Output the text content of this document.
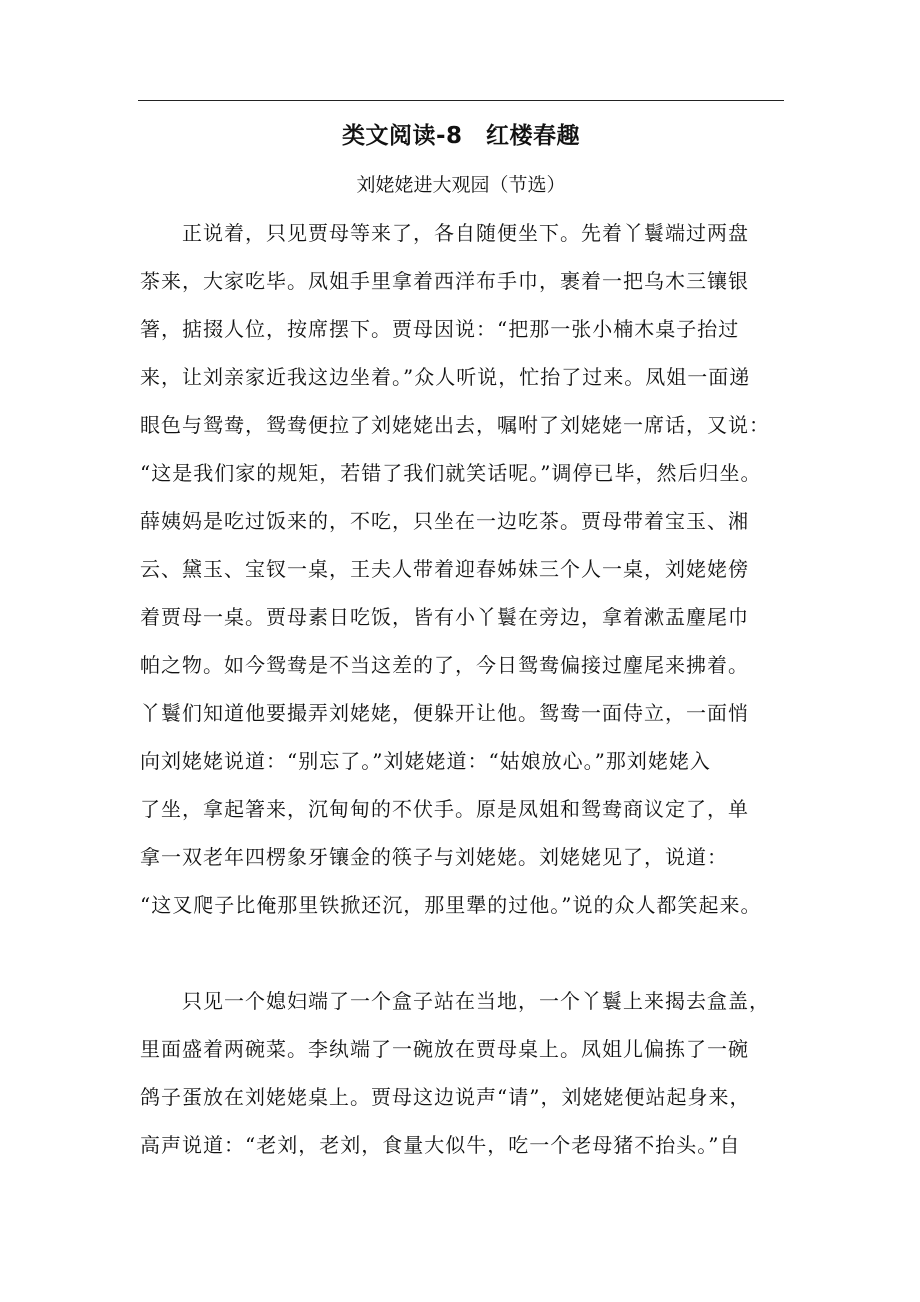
类文阅读-8　红楼春趣
刘姥姥进大观园（节选）
正说着，只见贾母等来了，各自随便坐下。先着丫鬟端过两盘
茶来，大家吃毕。凤姐手里拿着西洋布手巾，裹着一把乌木三镶银
箸，掂掇人位，按席摆下。贾母因说：“把那一张小楠木桌子抬过
来，让刘亲家近我这边坐着。”众人听说，忙抬了过来。凤姐一面递
眼色与鸳鸯，鸳鸯便拉了刘姥姥出去，嘱咐了刘姥姥一席话，又说：
“这是我们家的规矩，若错了我们就笑话呢。”调停已毕，然后归坐。
薛姨妈是吃过饭来的，不吃，只坐在一边吃茶。贾母带着宝玉、湘
云、黛玉、宝钗一桌，王夫人带着迎春姊妹三个人一桌，刘姥姥傍
着贾母一桌。贾母素日吃饭，皆有小丫鬟在旁边，拿着漱盂麈尾巾
帕之物。如今鸳鸯是不当这差的了，今日鸳鸯偏接过麈尾来拂着。
丫鬟们知道他要撮弄刘姥姥，便躲开让他。鸳鸯一面侍立，一面悄
向刘姥姥说道：“别忘了。”刘姥姥道：“姑娘放心。”那刘姥姥入
了坐，拿起箸来，沉甸甸的不伏手。原是凤姐和鸳鸯商议定了，单
拿一双老年四楞象牙镶金的筷子与刘姥姥。刘姥姥见了，说道：
“这叉爬子比俺那里铁掀还沉，那里犟的过他。”说的众人都笑起来。
只见一个媳妇端了一个盒子站在当地，一个丫鬟上来揭去盒盖，
里面盛着两碗菜。李纨端了一碗放在贾母桌上。凤姐儿偏拣了一碗
鸽子蛋放在刘姥姥桌上。贾母这边说声“请”，刘姥姥便站起身来，
高声说道：“老刘，老刘，食量大似牛，吃一个老母猪不抬头。”自
